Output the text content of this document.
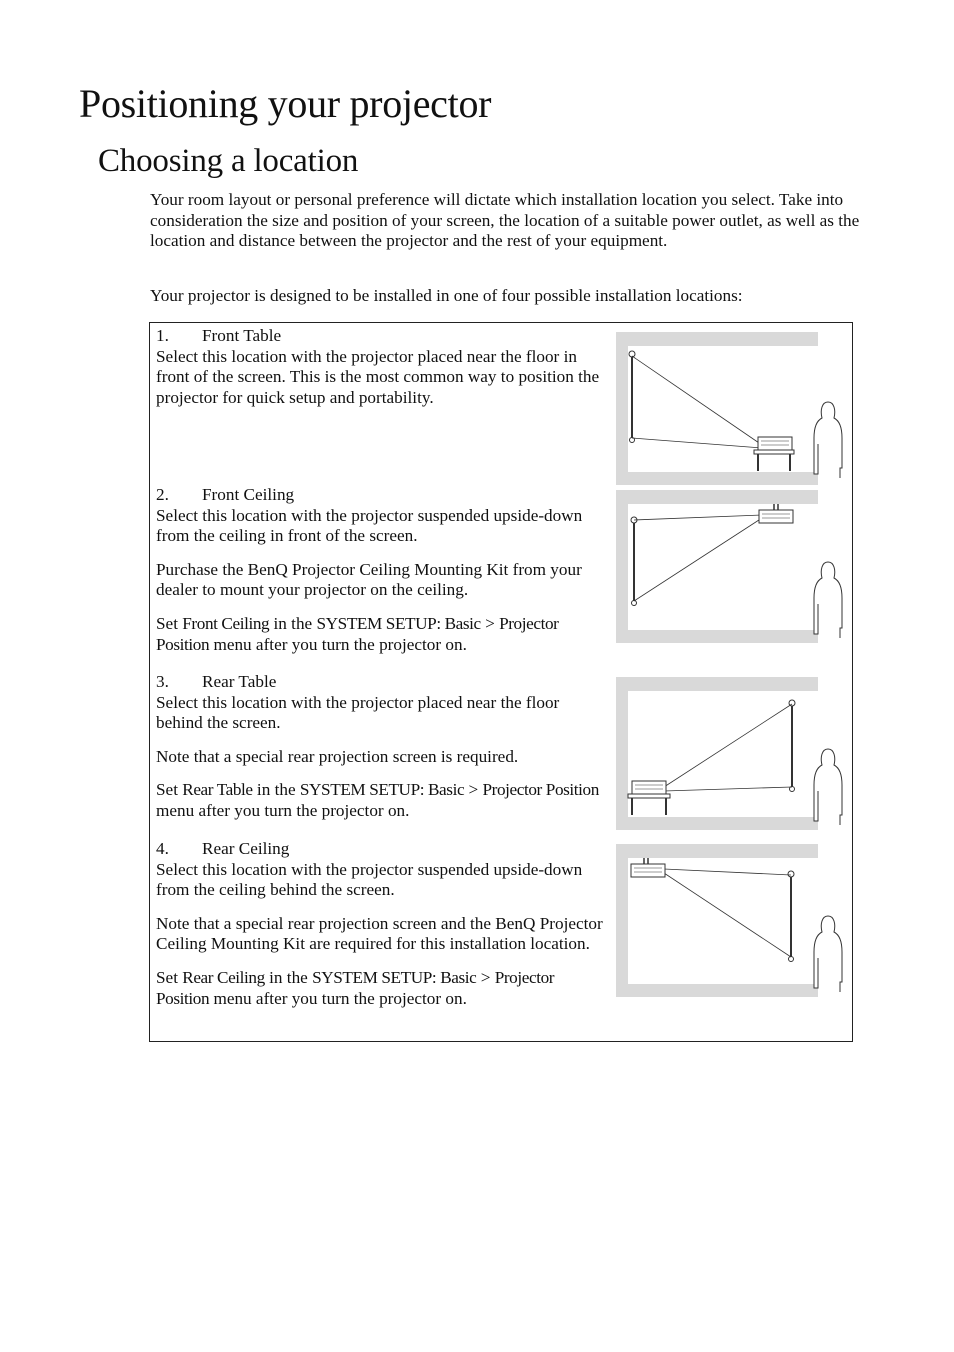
Positioning your projector
Choosing a location

Your room layout or personal preference will dictate which installation location you select. Take into consideration the size and position of your screen, the location of a suitable power outlet, as well as the location and distance between the projector and the rest of your equipment.

Your projector is designed to be installed in one of four possible installation locations:

1.	Front Table

Select this location with the projector placed near the floor in front of the screen. This is the most common way to position the projector for quick setup and portability.

2.	Front Ceiling

Select this location with the projector suspended upside-down from the ceiling in front of the screen.

Purchase the BenQ Projector Ceiling Mounting Kit from your dealer to mount your projector on the ceiling.

Set Front Ceiling in the SYSTEM SETUP: Basic > Projector Position menu after you turn the projector on.

3.	Rear Table

Select this location with the projector placed near the floor behind the screen.

Note that a special rear projection screen is required.

Set Rear Table in the SYSTEM SETUP: Basic > Projector Position menu after you turn the projector on.

4.	Rear Ceiling

Select this location with the projector suspended upside-down from the ceiling behind the screen.

Note that a special rear projection screen and the BenQ Projector Ceiling Mounting Kit are required for this installation location.

Set Rear Ceiling in the SYSTEM SETUP: Basic > Projector Position menu after you turn the projector on.
